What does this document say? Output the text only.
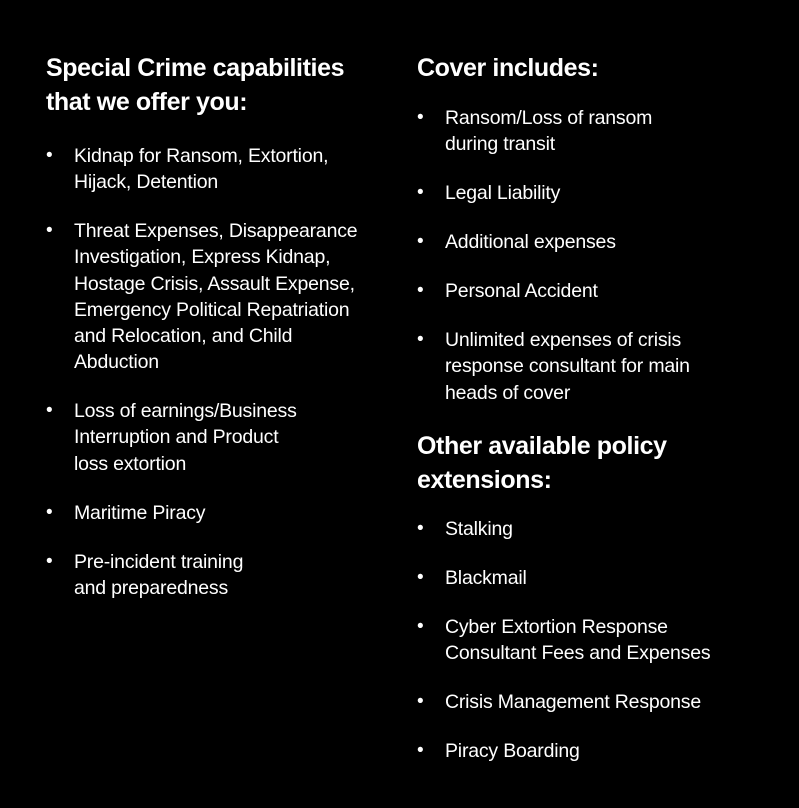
Special Crime capabilities
that we offer you:
• Kidnap for Ransom, Extortion,
Hijack, Detention
• Threat Expenses, Disappearance
Investigation, Express Kidnap,
Hostage Crisis, Assault Expense,
Emergency Political Repatriation
and Relocation, and Child
Abduction
• Loss of earnings/Business
Interruption and Product
loss extortion
• Maritime Piracy
• Pre-incident training
and preparedness
Cover includes:
• Ransom/Loss of ransom
during transit
• Legal Liability
• Additional expenses
• Personal Accident
• Unlimited expenses of crisis
response consultant for main
heads of cover
Other available policy
extensions:
• Stalking
• Blackmail
• Cyber Extortion Response
Consultant Fees and Expenses
• Crisis Management Response
• Piracy Boarding
